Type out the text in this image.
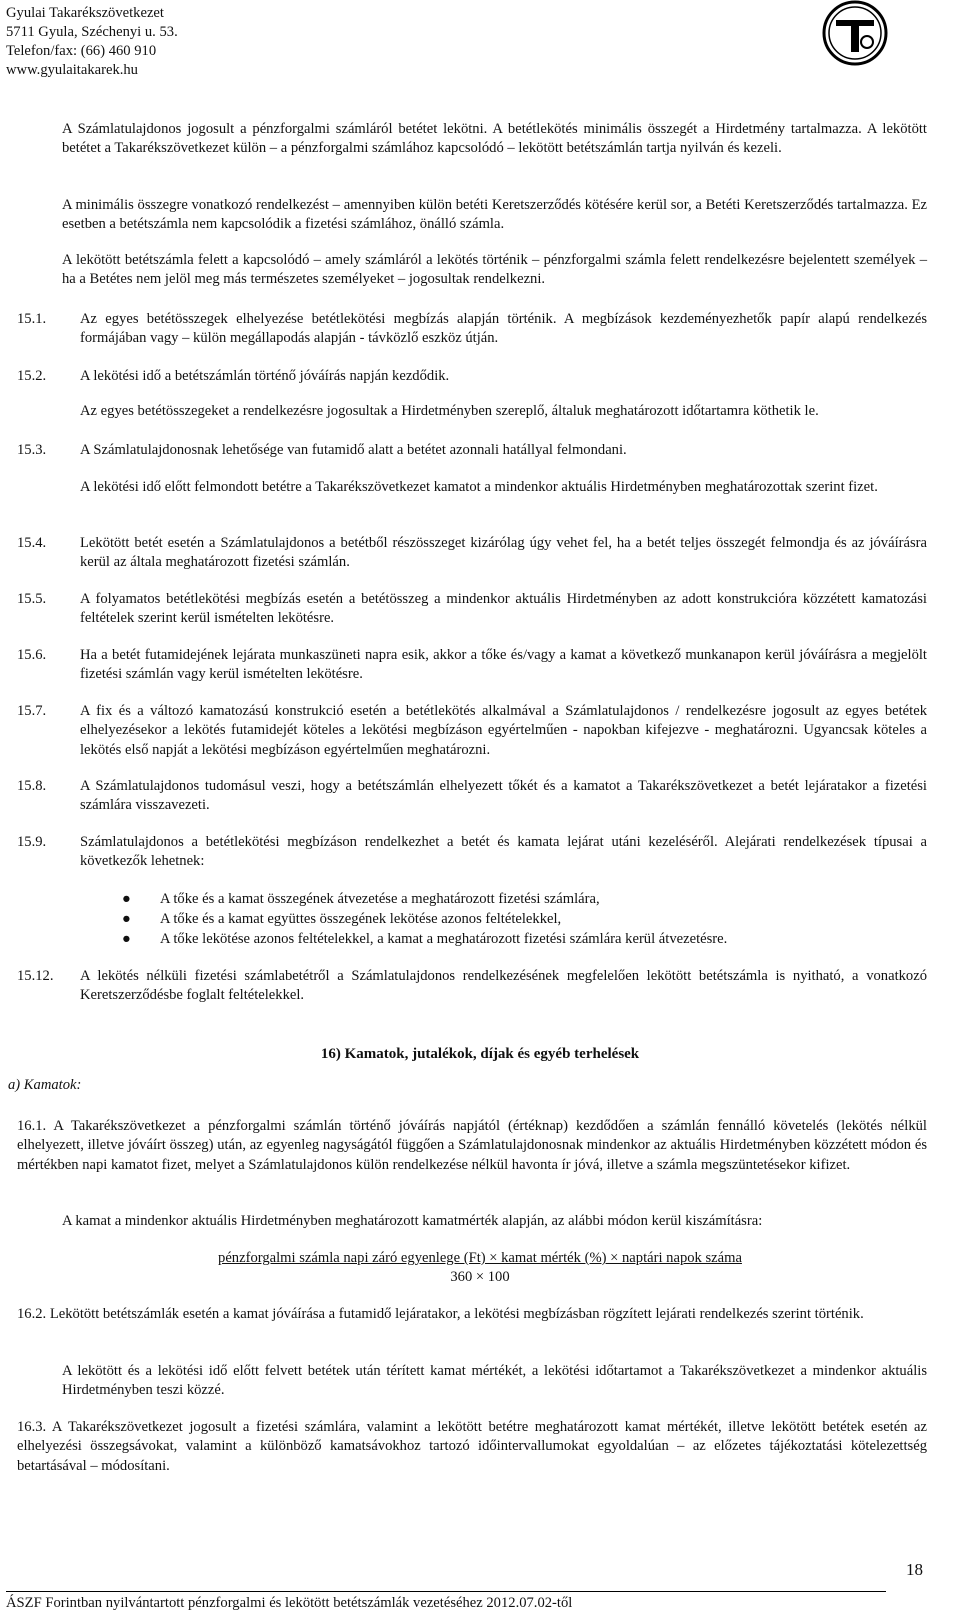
Gyulai Takarékszövetkezet
5711 Gyula, Széchenyi u. 53.
Telefon/fax: (66) 460 910
www.gyulaitakarek.hu
A Számlatulajdonos jogosult a pénzforgalmi számláról betétet lekötni. A betétlekötés minimális összegét a Hirdetmény tartalmazza. A lekötött betétet a Takarékszövetkezet külön – a pénzforgalmi számlához kapcsolódó – lekötött betétszámlán tartja nyilván és kezeli.
A minimális összegre vonatkozó rendelkezést – amennyiben külön betéti Keretszerződés kötésére kerül sor, a Betéti Keretszerződés tartalmazza. Ez esetben a betétszámla nem kapcsolódik a fizetési számlához, önálló számla.
A lekötött betétszámla felett a kapcsolódó – amely számláról a lekötés történik – pénzforgalmi számla felett rendelkezésre bejelentett személyek – ha a Betétes nem jelöl meg más természetes személyeket – jogosultak rendelkezni.
15.1. Az egyes betétösszegek elhelyezése betétlekötési megbízás alapján történik. A megbízások kezdeményezhetők papír alapú rendelkezés formájában vagy – külön megállapodás alapján - távközlő eszköz útján.
15.2. A lekötési idő a betétszámlán történő jóváírás napján kezdődik.
Az egyes betétösszegeket a rendelkezésre jogosultak a Hirdetményben szereplő, általuk meghatározott időtartamra köthetik le.
15.3. A Számlatulajdonosnak lehetősége van futamidő alatt a betétet azonnali hatállyal felmondani.
A lekötési idő előtt felmondott betétre a Takarékszövetkezet kamatot a mindenkor aktuális Hirdetményben meghatározottak szerint fizet.
15.4. Lekötött betét esetén a Számlatulajdonos a betétből részösszeget kizárólag úgy vehet fel, ha a betét teljes összegét felmondja és az jóváírásra kerül az általa meghatározott fizetési számlán.
15.5. A folyamatos betétlekötési megbízás esetén a betétösszeg a mindenkor aktuális Hirdetményben az adott konstrukcióra közzétett kamatozási feltételek szerint kerül ismételten lekötésre.
15.6. Ha a betét futamidejének lejárata munkaszüneti napra esik, akkor a tőke és/vagy a kamat a következő munkanapon kerül jóváírásra a megjelölt fizetési számlán vagy kerül ismételten lekötésre.
15.7. A fix és a változó kamatozású konstrukció esetén a betétlekötés alkalmával a Számlatulajdonos / rendelkezésre jogosult az egyes betétek elhelyezésekor a lekötés futamidejét köteles a lekötési megbízáson egyértelműen - napokban kifejezve - meghatározni. Ugyancsak köteles a lekötés első napját a lekötési megbízáson egyértelműen meghatározni.
15.8. A Számlatulajdonos tudomásul veszi, hogy a betétszámlán elhelyezett tőkét és a kamatot a Takarékszövetkezet a betét lejáratakor a fizetési számlára visszavezeti.
15.9. Számlatulajdonos a betétlekötési megbízáson rendelkezhet a betét és kamata lejárat utáni kezeléséről. Alejárati rendelkezések típusai a következők lehetnek:
● A tőke és a kamat összegének átvezetése a meghatározott fizetési számlára,
● A tőke és a kamat együttes összegének lekötése azonos feltételekkel,
● A tőke lekötése azonos feltételekkel, a kamat a meghatározott fizetési számlára kerül átvezetésre.
15.12. A lekötés nélküli fizetési számlabetétről a Számlatulajdonos rendelkezésének megfelelően lekötött betétszámla is nyitható, a vonatkozó Keretszerződésbe foglalt feltételekkel.
16) Kamatok, jutalékok, díjak és egyéb terhelések
a) Kamatok:
16.1. A Takarékszövetkezet a pénzforgalmi számlán történő jóváírás napjától (értéknap) kezdődően a számlán fennálló követelés (lekötés nélkül elhelyezett, illetve jóváírt összeg) után, az egyenleg nagyságától függően a Számlatulajdonosnak mindenkor az aktuális Hirdetményben közzétett módon és mértékben napi kamatot fizet, melyet a Számlatulajdonos külön rendelkezése nélkül havonta ír jóvá, illetve a számla megszüntetésekor kifizet.
A kamat a mindenkor aktuális Hirdetményben meghatározott kamatmérték alapján, az alábbi módon kerül kiszámításra:
pénzforgalmi számla napi záró egyenlege (Ft) × kamat mérték (%) × naptári napok száma
360 × 100
16.2. Lekötött betétszámlák esetén a kamat jóváírása a futamidő lejáratakor, a lekötési megbízásban rögzített lejárati rendelkezés szerint történik.
A lekötött és a lekötési idő előtt felvett betétek után térített kamat mértékét, a lekötési időtartamot a Takarékszövetkezet a mindenkor aktuális Hirdetményben teszi közzé.
16.3. A Takarékszövetkezet jogosult a fizetési számlára, valamint a lekötött betétre meghatározott kamat mértékét, illetve lekötött betétek esetén az elhelyezési összegsávokat, valamint a különböző kamatsávokhoz tartozó időintervallumokat egyoldalúan – az előzetes tájékoztatási kötelezettség betartásával – módosítani.
18
ÁSZF Forintban nyilvántartott pénzforgalmi és lekötött betétszámlák vezetéséhez 2012.07.02-től
